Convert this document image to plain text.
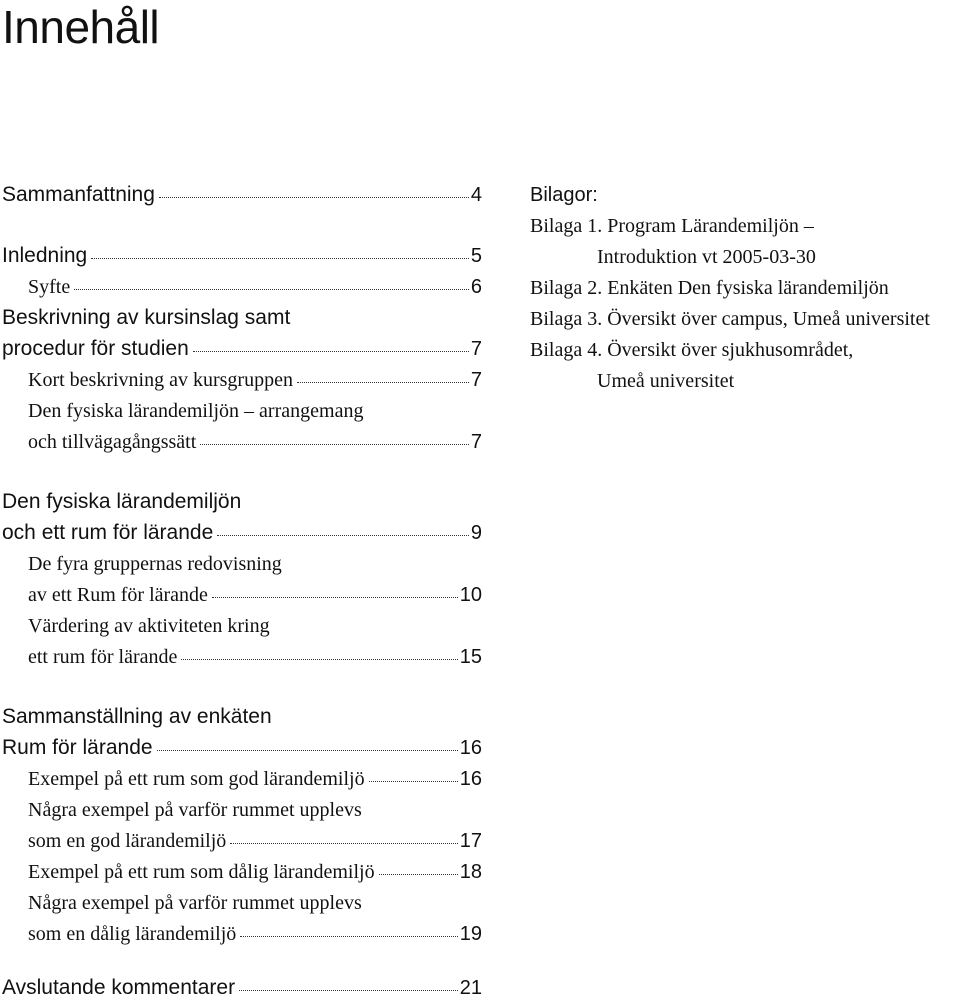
Innehåll
Sammanfattning	4
Inledning	5
Syfte	6
Beskrivning av kursinslag samt
procedur för studien	7
Kort beskrivning av kursgruppen	7
Den fysiska lärandemiljön – arrangemang
och tillvägagångssätt	7
Den fysiska lärandemiljön
och ett rum för lärande	9
De fyra gruppernas redovisning
av ett Rum för lärande	10
Värdering av aktiviteten kring
ett rum för lärande	15
Sammanställning av enkäten
Rum för lärande	16
Exempel på ett rum som god lärandemiljö	16
Några exempel på varför rummet upplevs
som en god lärandemiljö	17
Exempel på ett rum som dålig lärandemiljö	18
Några exempel på varför rummet upplevs
som en dålig lärandemiljö	19
Avslutande kommentarer	21
Bilagor:
Bilaga 1. Program Lärandemiljön –
Introduktion vt 2005-03-30
Bilaga 2. Enkäten Den fysiska lärandemiljön
Bilaga 3. Översikt över campus, Umeå universitet
Bilaga 4. Översikt över sjukhusområdet,
Umeå universitet
